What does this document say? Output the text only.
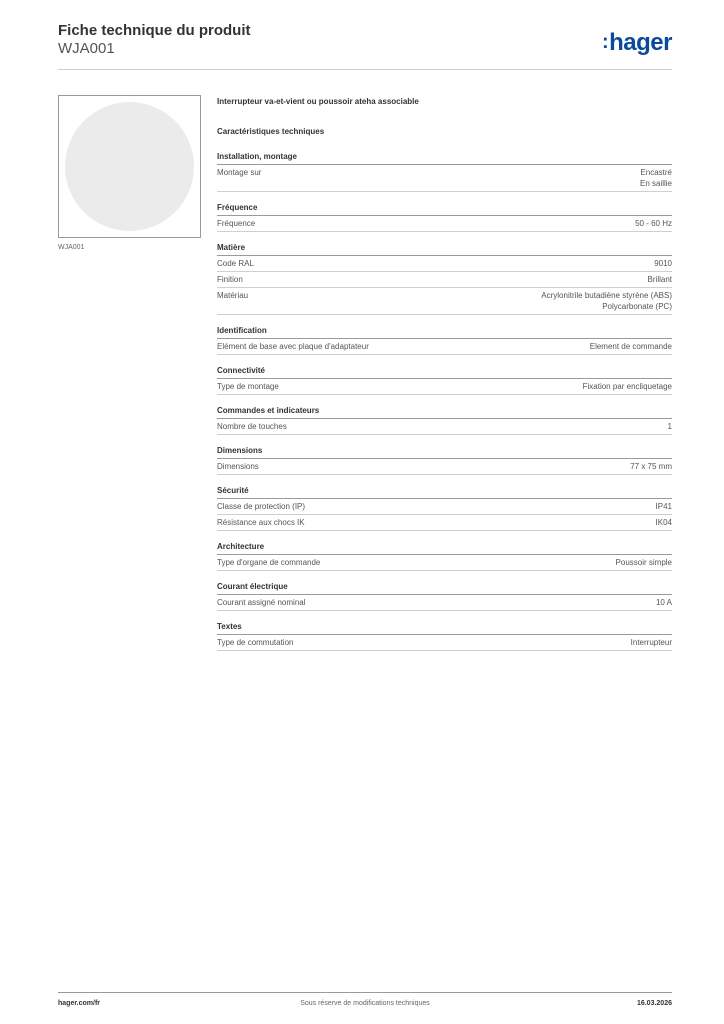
Fiche technique du produit
WJA001	:hager
WJA001
Interrupteur va-et-vient ou poussoir ateha associable
Caractéristiques techniques
Installation, montage
Montage sur	Encastré
En saillie
Fréquence
Fréquence	50 - 60 Hz
Matière
Code RAL	9010
Finition	Brillant
Matériau	Acrylonitrile butadiène styrène (ABS)
Polycarbonate (PC)
Identification
Elément de base avec plaque d'adaptateur	Element de commande
Connectivité
Type de montage	Fixation par encliquetage
Commandes et indicateurs
Nombre de touches	1
Dimensions
Dimensions	77 x 75 mm
Sécurité
Classe de protection (IP)	IP41
Résistance aux chocs IK	IK04
Architecture
Type d'organe de commande	Poussoir simple
Courant électrique
Courant assigné nominal	10 A
Textes
Type de commutation	Interrupteur
hager.com/fr	Sous réserve de modifications techniques	16.03.2026
